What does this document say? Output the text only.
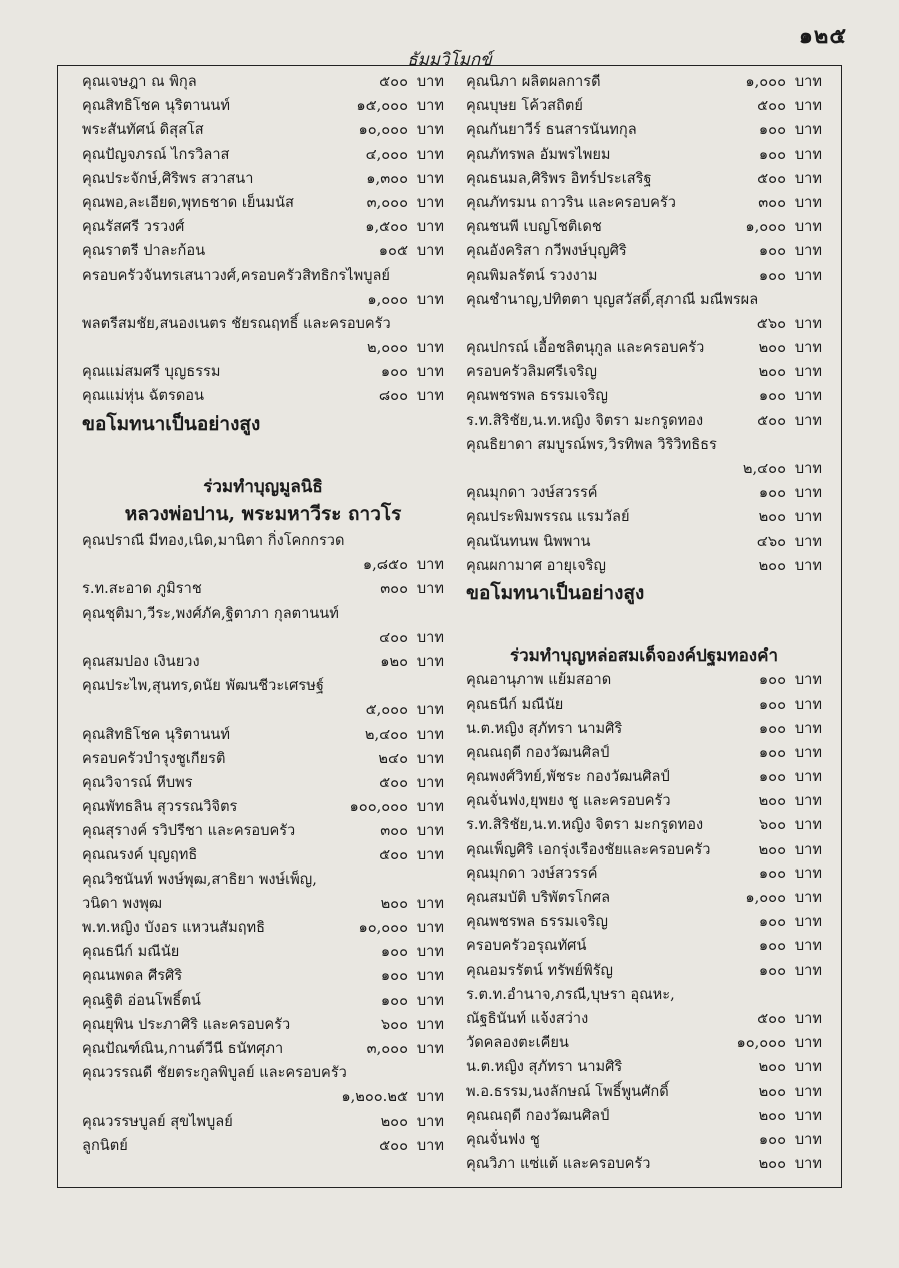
๑๒๕
ธัมมวิโมกข์
คุณเจษฎา ณ พิกุล	๕๐๐ บาท
คุณสิทธิโชค นุริตานนท์	๑๕,๐๐๐ บาท
พระสันทัศน์ ดิสุสโส	๑๐,๐๐๐ บาท
คุณปัญจภรณ์ ไกรวิลาส	๔,๐๐๐ บาท
คุณประจักษ์,ศิริพร สวาสนา	๑,๓๐๐ บาท
คุณพอ,ละเอียด,พุทธชาด เย็นมนัส	๓,๐๐๐ บาท
คุณรัสศรี วรวงศ์	๑,๕๐๐ บาท
คุณราตรี ปาละก้อน	๑๐๕ บาท
ครอบครัวจันทรเสนาวงศ์,ครอบครัวสิทธิกรไพบูลย์
๑,๐๐๐ บาท
พลตรีสมชัย,สนองเนตร ชัยรณฤทธิ์ และครอบครัว
๒,๐๐๐ บาท
คุณแม่สมศรี บุญธรรม	๑๐๐ บาท
คุณแม่หุ่น ฉัตรดอน	๘๐๐ บาท
ขอโมทนาเป็นอย่างสูง
ร่วมทำบุญมูลนิธิ
หลวงพ่อปาน, พระมหาวีระ ถาวโร
คุณปราณี มีทอง,เนิด,มานิตา กิ่งโคกกรวด
๑,๘๕๐ บาท
ร.ท.สะอาด ภูมิราช	๓๐๐ บาท
คุณชุติมา,วีระ,พงศ์ภัค,ฐิตาภา กุลตานนท์
๔๐๐ บาท
คุณสมปอง เงินยวง	๑๒๐ บาท
คุณประไพ,สุนทร,ดนัย พัฒนชีวะเศรษฐ์
๕,๐๐๐ บาท
คุณสิทธิโชค นุริตานนท์	๒,๔๐๐ บาท
ครอบครัวบำรุงชูเกียรติ	๒๔๐ บาท
คุณวิจารณ์ หีบพร	๕๐๐ บาท
คุณพัทธลิน สุวรรณวิจิตร	๑๐๐,๐๐๐ บาท
คุณสุรางค์ รวิปรีชา และครอบครัว	๓๐๐ บาท
คุณณรงค์ บุญฤทธิ	๕๐๐ บาท
คุณวิชนันท์ พงษ์พุฒ,สาธิยา พงษ์เพ็ญ,
วนิดา พงพุฒ	๒๐๐ บาท
พ.ท.หญิง บังอร แหวนสัมฤทธิ	๑๐,๐๐๐ บาท
คุณธนีก์ มณีนัย	๑๐๐ บาท
คุณนพดล ศีรศิริ	๑๐๐ บาท
คุณฐิติ อ่อนโพธิ์ตน์	๑๐๐ บาท
คุณยุพิน ประภาศิริ และครอบครัว	๖๐๐ บาท
คุณปัณฑ์ณิน,กานต์วีนี ธนัทศุภา	๓,๐๐๐ บาท
คุณวรรณดี ชัยตระกูลพิบูลย์ และครอบครัว
๑,๒๐๐.๒๕ บาท
คุณวรรษบูลย์ สุขไพบูลย์	๒๐๐ บาท
ลูกนิตย์	๕๐๐ บาท
คุณนิภา ผลิตผลการดี	๑,๐๐๐ บาท
คุณบุษย โค้วสถิตย์	๕๐๐ บาท
คุณกันยาวีร์ ธนสารนันทกุล	๑๐๐ บาท
คุณภัทรพล อัมพรไพยม	๑๐๐ บาท
คุณธนมล,ศิริพร อิทร์ประเสริฐ	๕๐๐ บาท
คุณภัทรมน ถาวริน และครอบครัว	๓๐๐ บาท
คุณชนพี เบญโชติเดช	๑,๐๐๐ บาท
คุณอังคริสา กวีพงษ์บุญศิริ	๑๐๐ บาท
คุณพิมลรัตน์ รวงงาม	๑๐๐ บาท
คุณชำนาญ,ปทิตตา บุญสวัสดิ์,สุภาณี มณีพรผล
๕๖๐ บาท
คุณปกรณ์ เอื้อชลิตนุกูล และครอบครัว	๒๐๐ บาท
ครอบครัวลิมศรีเจริญ	๒๐๐ บาท
คุณพชรพล ธรรมเจริญ	๑๐๐ บาท
ร.ท.สิริชัย,น.ท.หญิง จิตรา มะกรูดทอง	๕๐๐ บาท
คุณธิยาดา สมบูรณ์พร,วิรทิพล วิริวิทธิธร
๒,๔๐๐ บาท
คุณมุกดา วงษ์สวรรค์	๑๐๐ บาท
คุณประพิมพรรณ แรมวัลย์	๒๐๐ บาท
คุณนันทนพ นิพพาน	๔๖๐ บาท
คุณผกามาศ อายุเจริญ	๒๐๐ บาท
ขอโมทนาเป็นอย่างสูง
ร่วมทำบุญหล่อสมเด็จองค์ปฐมทองคำ
คุณอานุภาพ แย้มสอาด	๑๐๐ บาท
คุณธนีก์ มณีนัย	๑๐๐ บาท
น.ต.หญิง สุภัทรา นามศิริ	๑๐๐ บาท
คุณณฤดี กองวัฒนศิลป์	๑๐๐ บาท
คุณพงศ์วิทย์,พัชระ กองวัฒนศิลป์	๑๐๐ บาท
คุณจั่นฟง,ยุพยง ชู และครอบครัว	๒๐๐ บาท
ร.ท.สิริชัย,น.ท.หญิง จิตรา มะกรูดทอง	๖๐๐ บาท
คุณเพ็ญศิริ เอกรุ่งเรืองชัยและครอบครัว	๒๐๐ บาท
คุณมุกดา วงษ์สวรรค์	๑๐๐ บาท
คุณสมบัติ บริพัตรโกศล	๑,๐๐๐ บาท
คุณพชรพล ธรรมเจริญ	๑๐๐ บาท
ครอบครัวอรุณทัศน์	๑๐๐ บาท
คุณอมรรัตน์ ทรัพย์พิรัญ	๑๐๐ บาท
ร.ต.ท.อำนาจ,ภรณี,บุษรา อุณหะ,
ณัฐธินันท์ แจ้งสว่าง	๕๐๐ บาท
วัดคลองตะเคียน	๑๐,๐๐๐ บาท
น.ต.หญิง สุภัทรา นามศิริ	๒๐๐ บาท
พ.อ.ธรรม,นงลักษณ์ โพธิ์พูนศักดิ์	๒๐๐ บาท
คุณณฤดี กองวัฒนศิลป์	๒๐๐ บาท
คุณจั่นฟง ชู	๑๐๐ บาท
คุณวิภา แซ่แต้ และครอบครัว	๒๐๐ บาท
